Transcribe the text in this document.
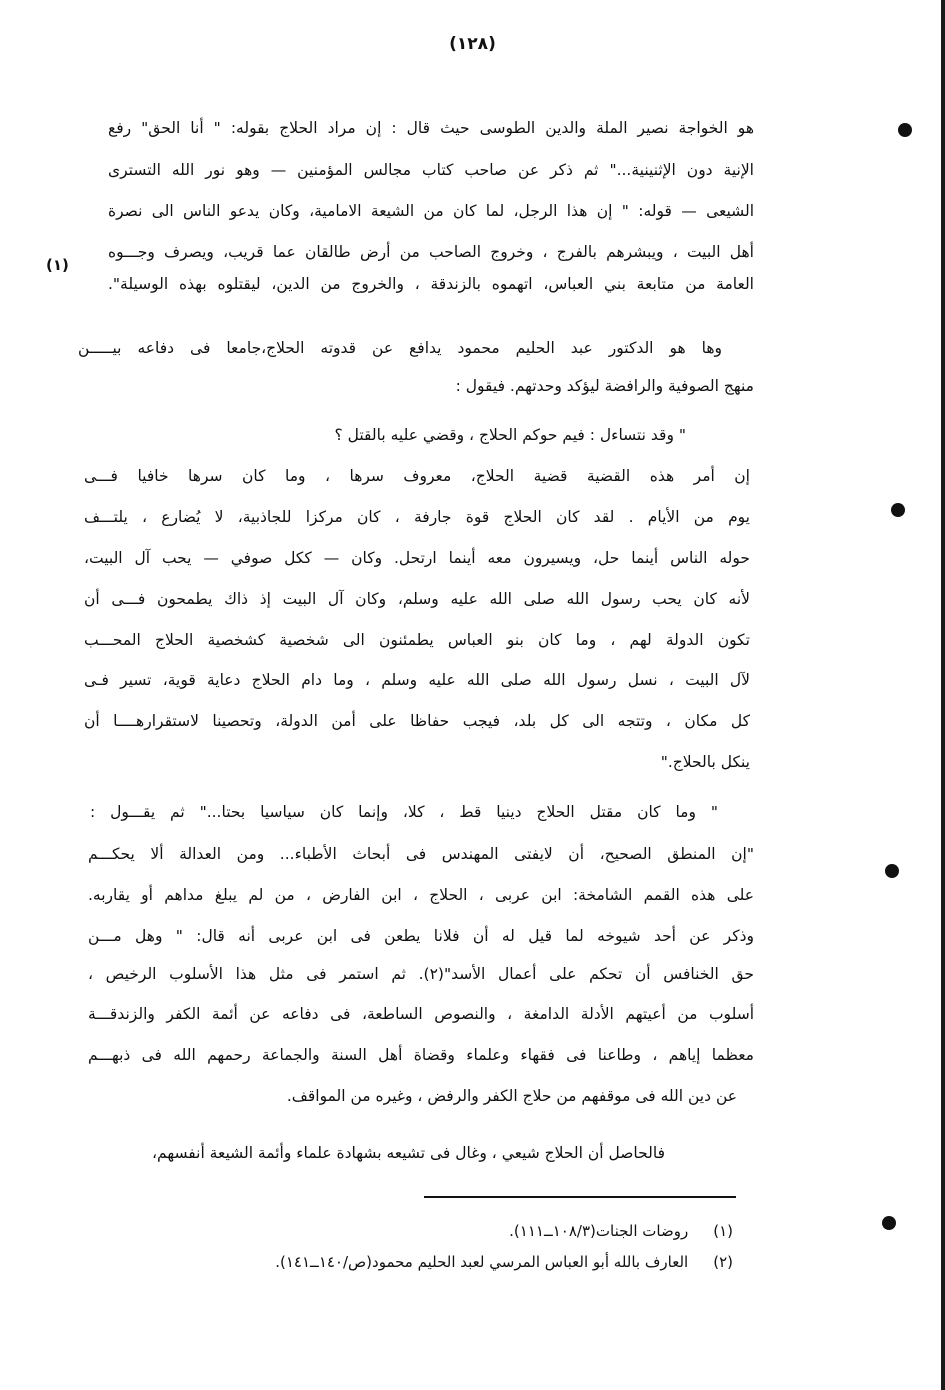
(١٢٨)
هو الخواجة نصير الملة والدين الطوسى حيث قال : إن مراد الحلاج بقوله: " أنا الحق" رفع
الإنية دون الإثنينية..." ثم ذكر عن صاحب كتاب مجالس المؤمنين — وهو نور الله التسترى
الشيعى — قوله: " إن هذا الرجل، لما كان من الشيعة الامامية، وكان يدعو الناس الى نصرة
أهل البيت ، ويبشرهم بالفرج ، وخروج الصاحب من أرض طالقان عما قريب، ويصرف وجـــوه
العامة من متابعة بني العباس، اتهموه بالزندقة ، والخروج من الدين، ليقتلوه بهذه الوسيلة".
(١)
وها هو الدكتور عبد الحليم محمود يدافع عن قدوته الحلاج،جامعا فى دفاعه بيـــــن
منهج الصوفية والرافضة ليؤكد وحدتهم. فيقول :
" وقد نتساءل : فيم حوكم الحلاج ، وقضي عليه بالقتل ؟
إن أمر هذه القضية قضية الحلاج، معروف سرها ، وما كان سرها خافيا فـــى
يوم من الأيام . لقد كان الحلاج قوة جارفة ، كان مركزا للجاذبية، لا يُضارع ، يلتـــف
حوله الناس أينما حل، ويسيرون معه أينما ارتحل. وكان — ككل صوفي — يحب آل البيت،
لأنه كان يحب رسول الله صلى الله عليه وسلم، وكان آل البيت إذ ذاك يطمحون فـــى أن
تكون الدولة لهم ، وما كان بنو العباس يطمئنون الى شخصية كشخصية الحلاج المحـــب
لآل البيت ، نسل رسول الله صلى الله عليه وسلم ، وما دام الحلاج دعاية قوية، تسير فـى
كل مكان ، وتتجه الى كل بلد، فيجب حفاظا على أمن الدولة، وتحصينا لاستقرارهــــا أن
ينكل بالحلاج."
" وما كان مقتل الحلاج دينيا قط ، كلا، وإنما كان سياسيا بحتا..." ثم يقـــول :
"إن المنطق الصحيح، أن لايفتى المهندس فى أبحاث الأطباء... ومن العدالة ألا يحكـــم
على هذه القمم الشامخة: ابن عربى ، الحلاج ، ابن الفارض ، من لم يبلغ مداهم أو يقاربه.
وذكر عن أحد شيوخه لما قيل له أن فلانا يطعن فى ابن عربى أنه قال: " وهل مـــن
حق الخنافس أن تحكم على أعمال الأسد"(٢). ثم استمر فى مثل هذا الأسلوب الرخيص ،
أسلوب من أعيتهم الأدلة الدامغة ، والنصوص الساطعة، فى دفاعه عن أئمة الكفر والزندقـــة
معظما إياهم ، وطاعنا فى فقهاء وعلماء وقضاة أهل السنة والجماعة رحمهم الله فى ذبهـــم
عن دين الله فى موقفهم من حلاج الكفر والرفض ، وغيره من المواقف.
فالحاصل أن الحلاج شيعي ، وغال فى تشيعه بشهادة علماء وأئمة الشيعة أنفسهم،
(١) روضات الجنات(١٠٨/٣ــ١١١).
(٢) العارف بالله أبو العباس المرسي لعبد الحليم محمود(ص/١٤٠ــ١٤١).
